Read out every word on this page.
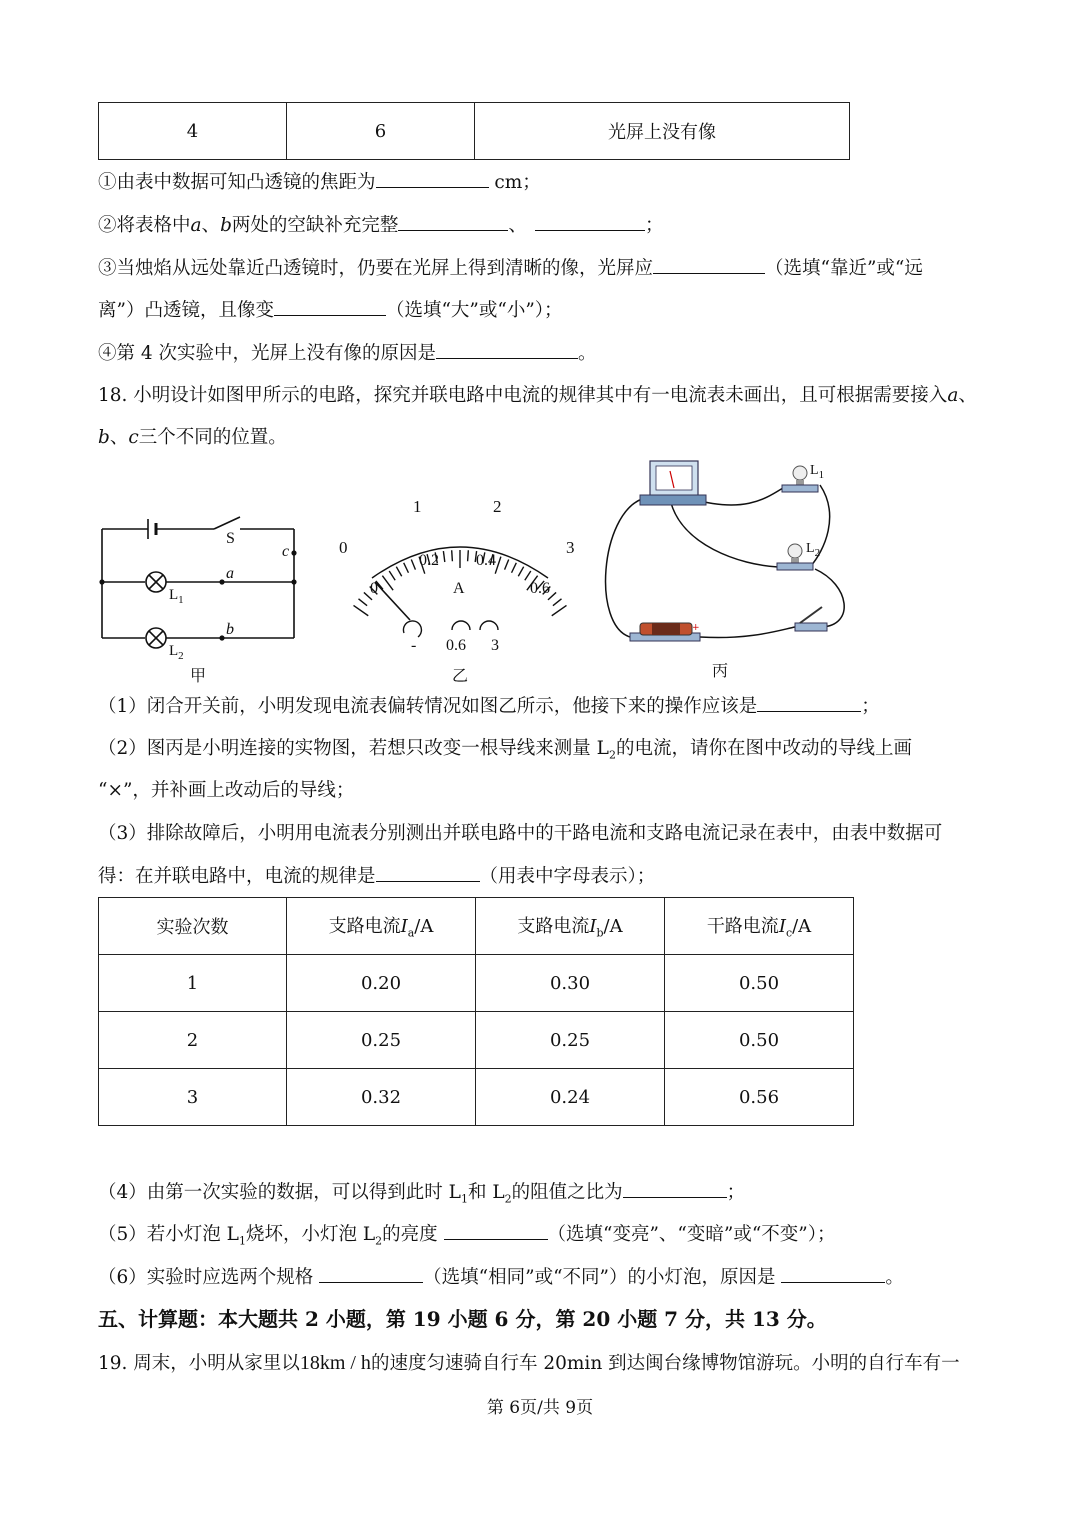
4	6	光屏上没有像
①由表中数据可知凸透镜的焦距为	cm；
②将表格中a、b两处的空缺补充完整	、	；
③当烛焰从远处靠近凸透镜时，仍要在光屏上得到清晰的像，光屏应	（选填“靠近”或“远
离”）凸透镜，且像变	（选填“大”或“小”）；
④第 4 次实验中，光屏上没有像的原因是	。
18. 小明设计如图甲所示的电路，探究并联电路中电流的规律其中有一电流表未画出，且可根据需要接入a、
b、c三个不同的位置。
S
c
a
b
$L_1$
$L_2$
甲
1	2
0	3
0.2 0.4
0	A	0.6
- 0.6 3
乙
+
$L_1$
$L_2$
丙
（1）闭合开关前，小明发现电流表偏转情况如图乙所示，他接下来的操作应该是	；
（2）图丙是小明连接的实物图，若想只改变一根导线来测量 $L_2$的电流，请你在图中改动的导线上画
“×”，并补画上改动后的导线；
（3）排除故障后，小明用电流表分别测出并联电路中的干路电流和支路电流记录在表中，由表中数据可
得：在并联电路中，电流的规律是	（用表中字母表示）；
实验次数	支路电流$I_a/A$	支路电流$I_b/A$	干路电流$I_c/A$
1	0.20	0.30	0.50
2	0.25	0.25	0.50
3	0.32	0.24	0.56
（4）由第一次实验的数据，可以得到此时 $L_1$和 $L_2$的阻值之比为	；
（5）若小灯泡 $L_1$烧坏，小灯泡 $L_2$的亮度	（选填“变亮”、“变暗”或“不变”）；
（6）实验时应选两个规格	（选填“相同”或“不同”）的小灯泡，原因是	。
五、计算题：本大题共 2 小题，第 19 小题 6 分，第 20 小题 7 分，共 13 分。
19. 周末，小明从家里以18km / h的速度匀速骑自行车 20min 到达闽台缘博物馆游玩。小明的自行车有一
第 6页/共 9页
